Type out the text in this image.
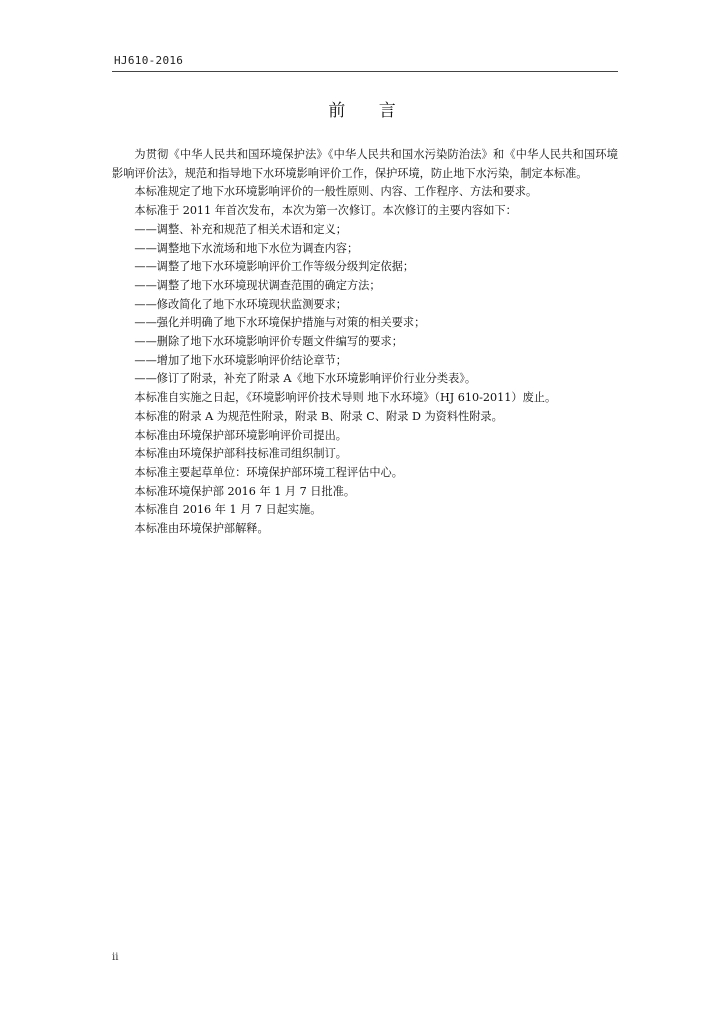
HJ610-2016
前 言

为贯彻《中华人民共和国环境保护法》《中华人民共和国水污染防治法》和《中华人民共和国环境影响评价法》，规范和指导地下水环境影响评价工作，保护环境，防止地下水污染，制定本标准。

本标准规定了地下水环境影响评价的一般性原则、内容、工作程序、方法和要求。

本标准于 2011 年首次发布，本次为第一次修订。本次修订的主要内容如下：

——调整、补充和规范了相关术语和定义；

——调整地下水流场和地下水位为调查内容；

——调整了地下水环境影响评价工作等级分级判定依据；

——调整了地下水环境现状调查范围的确定方法；

——修改简化了地下水环境现状监测要求；

——强化并明确了地下水环境保护措施与对策的相关要求；

——删除了地下水环境影响评价专题文件编写的要求；

——增加了地下水环境影响评价结论章节；

——修订了附录，补充了附录 A《地下水环境影响评价行业分类表》。

本标准自实施之日起，《环境影响评价技术导则 地下水环境》（HJ 610-2011）废止。

本标准的附录 A 为规范性附录，附录 B、附录 C、附录 D 为资料性附录。

本标准由环境保护部环境影响评价司提出。

本标准由环境保护部科技标准司组织制订。

本标准主要起草单位：环境保护部环境工程评估中心。

本标准环境保护部 2016 年 1 月 7 日批准。

本标准自 2016 年 1 月 7 日起实施。

本标准由环境保护部解释。

ii
